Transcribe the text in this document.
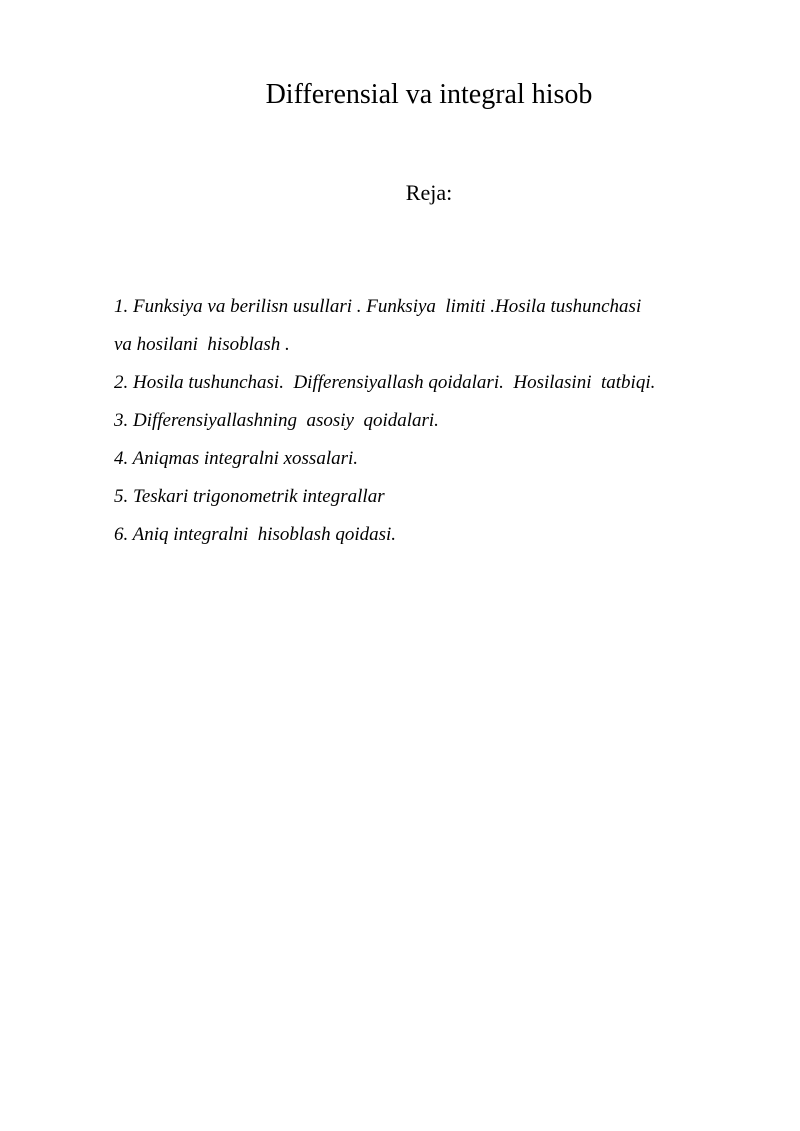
Differensial va integral hisob
Reja:
1. Funksiya va berilisn usullari . Funksiya  limiti .Hosila tushunchasi
va hosilani  hisoblash .
2. Hosila tushunchasi.  Differensiyallash qoidalari.  Hosilasini  tatbiqi.
3. Differensiyallashning  asosiy  qoidalari.
4. Aniqmas integralni xossalari.
5. Teskari trigonometrik integrallar
6. Aniq integralni  hisoblash qoidasi.
